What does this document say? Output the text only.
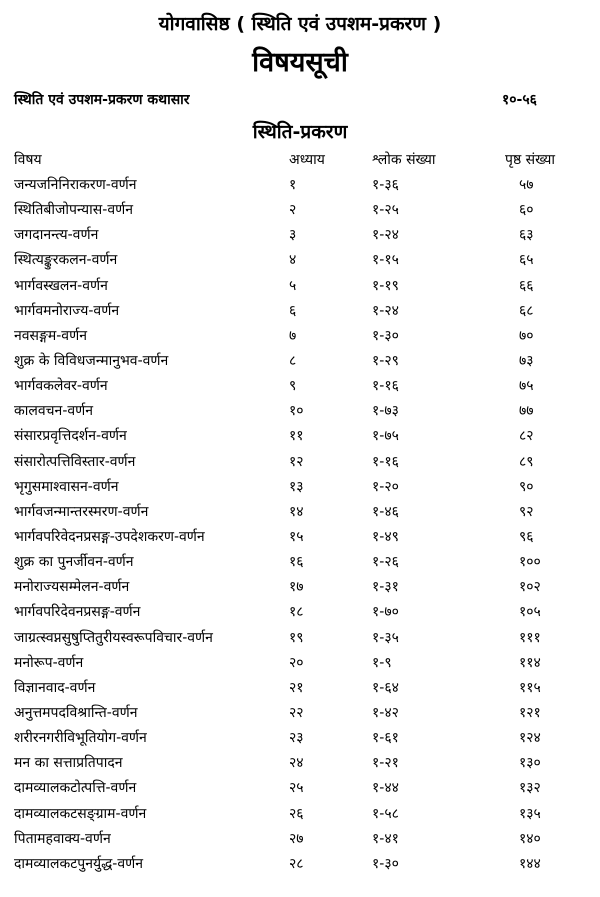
योगवासिष्ठ ( स्थिति एवं उपशम-प्रकरण )
विषयसूची
स्थिति एवं उपशम-प्रकरण कथासार	१०-५६
स्थिति-प्रकरण
विषय	अध्याय	श्लोक संख्या	पृष्ठ संख्या
जन्यजनिनिराकरण-वर्णन	१	१-३६	५७
स्थितिबीजोपन्यास-वर्णन	२	१-२५	६०
जगदानन्त्य-वर्णन	३	१-२४	६३
स्थित्यङ्कुरकलन-वर्णन	४	१-१५	६५
भार्गवस्खलन-वर्णन	५	१-१९	६६
भार्गवमनोराज्य-वर्णन	६	१-२४	६८
नवसङ्गम-वर्णन	७	१-३०	७०
शुक्र के विविधजन्मानुभव-वर्णन	८	१-२९	७३
भार्गवकलेवर-वर्णन	९	१-१६	७५
कालवचन-वर्णन	१०	१-७३	७७
संसारप्रवृत्तिदर्शन-वर्णन	११	१-७५	८२
संसारोत्पत्तिविस्तार-वर्णन	१२	१-१६	८९
भृगुसमाश्वासन-वर्णन	१३	१-२०	९०
भार्गवजन्मान्तरस्मरण-वर्णन	१४	१-४६	९२
भार्गवपरिवेदनप्रसङ्ग-उपदेशकरण-वर्णन	१५	१-४९	९६
शुक्र का पुनर्जीवन-वर्णन	१६	१-२६	१००
मनोराज्यसम्मेलन-वर्णन	१७	१-३१	१०२
भार्गवपरिदेवनप्रसङ्ग-वर्णन	१८	१-७०	१०५
जाग्रत्स्वप्नसुषुप्तितुरीयस्वरूपविचार-वर्णन	१९	१-३५	१११
मनोरूप-वर्णन	२०	१-९	११४
विज्ञानवाद-वर्णन	२१	१-६४	११५
अनुत्तमपदविश्रान्ति-वर्णन	२२	१-४२	१२१
शरीरनगरीविभूतियोग-वर्णन	२३	१-६१	१२४
मन का सत्ताप्रतिपादन	२४	१-२१	१३०
दामव्यालकटोत्पत्ति-वर्णन	२५	१-४४	१३२
दामव्यालकटसङ्ग्राम-वर्णन	२६	१-५८	१३५
पितामहवाक्य-वर्णन	२७	१-४१	१४०
दामव्यालकटपुनर्युद्ध-वर्णन	२८	१-३०	१४४
